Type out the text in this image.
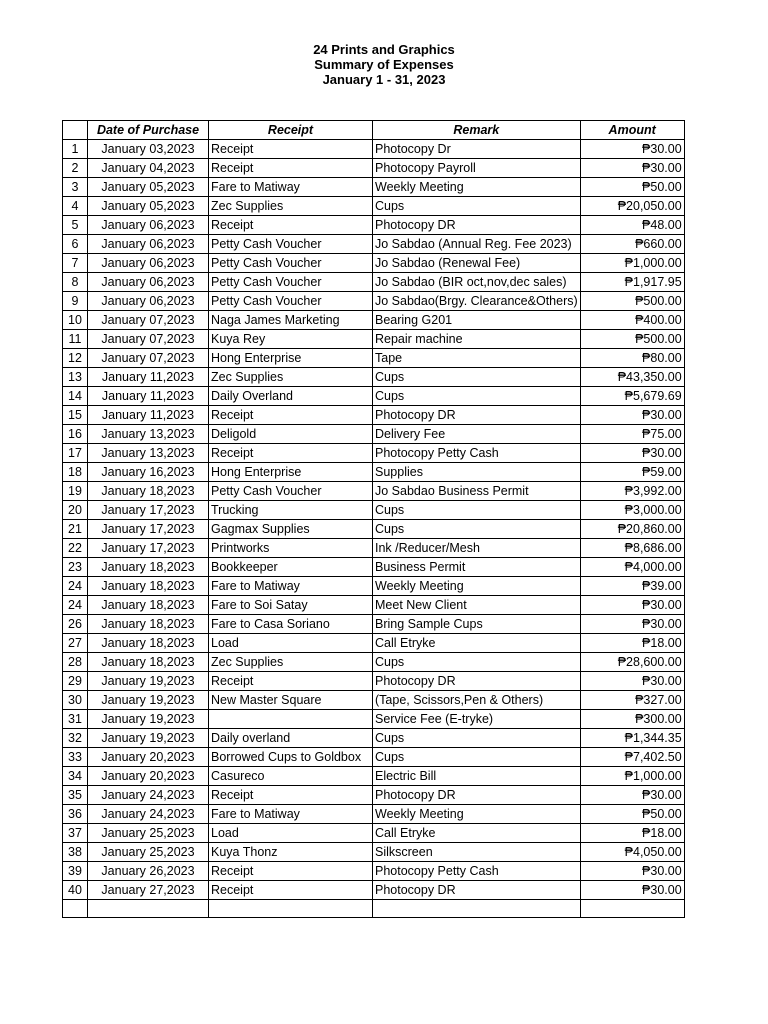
24 Prints and Graphics
Summary of Expenses
January 1 - 31, 2023
	Date of Purchase	Receipt	Remark	Amount
1	January 03,2023	Receipt	Photocopy Dr	₱30.00
2	January 04,2023	Receipt	Photocopy Payroll	₱30.00
3	January 05,2023	Fare to Matiway	Weekly Meeting	₱50.00
4	January 05,2023	Zec Supplies	Cups	₱20,050.00
5	January 06,2023	Receipt	Photocopy DR	₱48.00
6	January 06,2023	Petty Cash Voucher	Jo Sabdao (Annual Reg. Fee 2023)	₱660.00
7	January 06,2023	Petty Cash Voucher	Jo Sabdao (Renewal Fee)	₱1,000.00
8	January 06,2023	Petty Cash Voucher	Jo Sabdao (BIR oct,nov,dec sales)	₱1,917.95
9	January 06,2023	Petty Cash Voucher	Jo Sabdao(Brgy. Clearance&Others)	₱500.00
10	January 07,2023	Naga James Marketing	Bearing G201	₱400.00
11	January 07,2023	Kuya Rey	Repair machine	₱500.00
12	January 07,2023	Hong Enterprise	Tape	₱80.00
13	January 11,2023	Zec Supplies	Cups	₱43,350.00
14	January 11,2023	Daily Overland	Cups	₱5,679.69
15	January 11,2023	Receipt	Photocopy DR	₱30.00
16	January 13,2023	Deligold	Delivery Fee	₱75.00
17	January 13,2023	Receipt	Photocopy Petty Cash	₱30.00
18	January 16,2023	Hong Enterprise	Supplies	₱59.00
19	January 18,2023	Petty Cash Voucher	Jo Sabdao Business Permit	₱3,992.00
20	January 17,2023	Trucking	Cups	₱3,000.00
21	January 17,2023	Gagmax Supplies	Cups	₱20,860.00
22	January 17,2023	Printworks	Ink /Reducer/Mesh	₱8,686.00
23	January 18,2023	Bookkeeper	Business Permit	₱4,000.00
24	January 18,2023	Fare to Matiway	Weekly Meeting	₱39.00
24	January 18,2023	Fare to Soi Satay	Meet New Client	₱30.00
26	January 18,2023	Fare to Casa Soriano	Bring Sample Cups	₱30.00
27	January 18,2023	Load	Call Etryke	₱18.00
28	January 18,2023	Zec Supplies	Cups	₱28,600.00
29	January 19,2023	Receipt	Photocopy DR	₱30.00
30	January 19,2023	New Master Square	(Tape, Scissors,Pen & Others)	₱327.00
31	January 19,2023		Service Fee (E-tryke)	₱300.00
32	January 19,2023	Daily overland	Cups	₱1,344.35
33	January 20,2023	Borrowed Cups to Goldbox	Cups	₱7,402.50
34	January 20,2023	Casureco	Electric Bill	₱1,000.00
35	January 24,2023	Receipt	Photocopy DR	₱30.00
36	January 24,2023	Fare to Matiway	Weekly Meeting	₱50.00
37	January 25,2023	Load	Call Etryke	₱18.00
38	January 25,2023	Kuya Thonz	Silkscreen	₱4,050.00
39	January 26,2023	Receipt	Photocopy Petty Cash	₱30.00
40	January 27,2023	Receipt	Photocopy DR	₱30.00
